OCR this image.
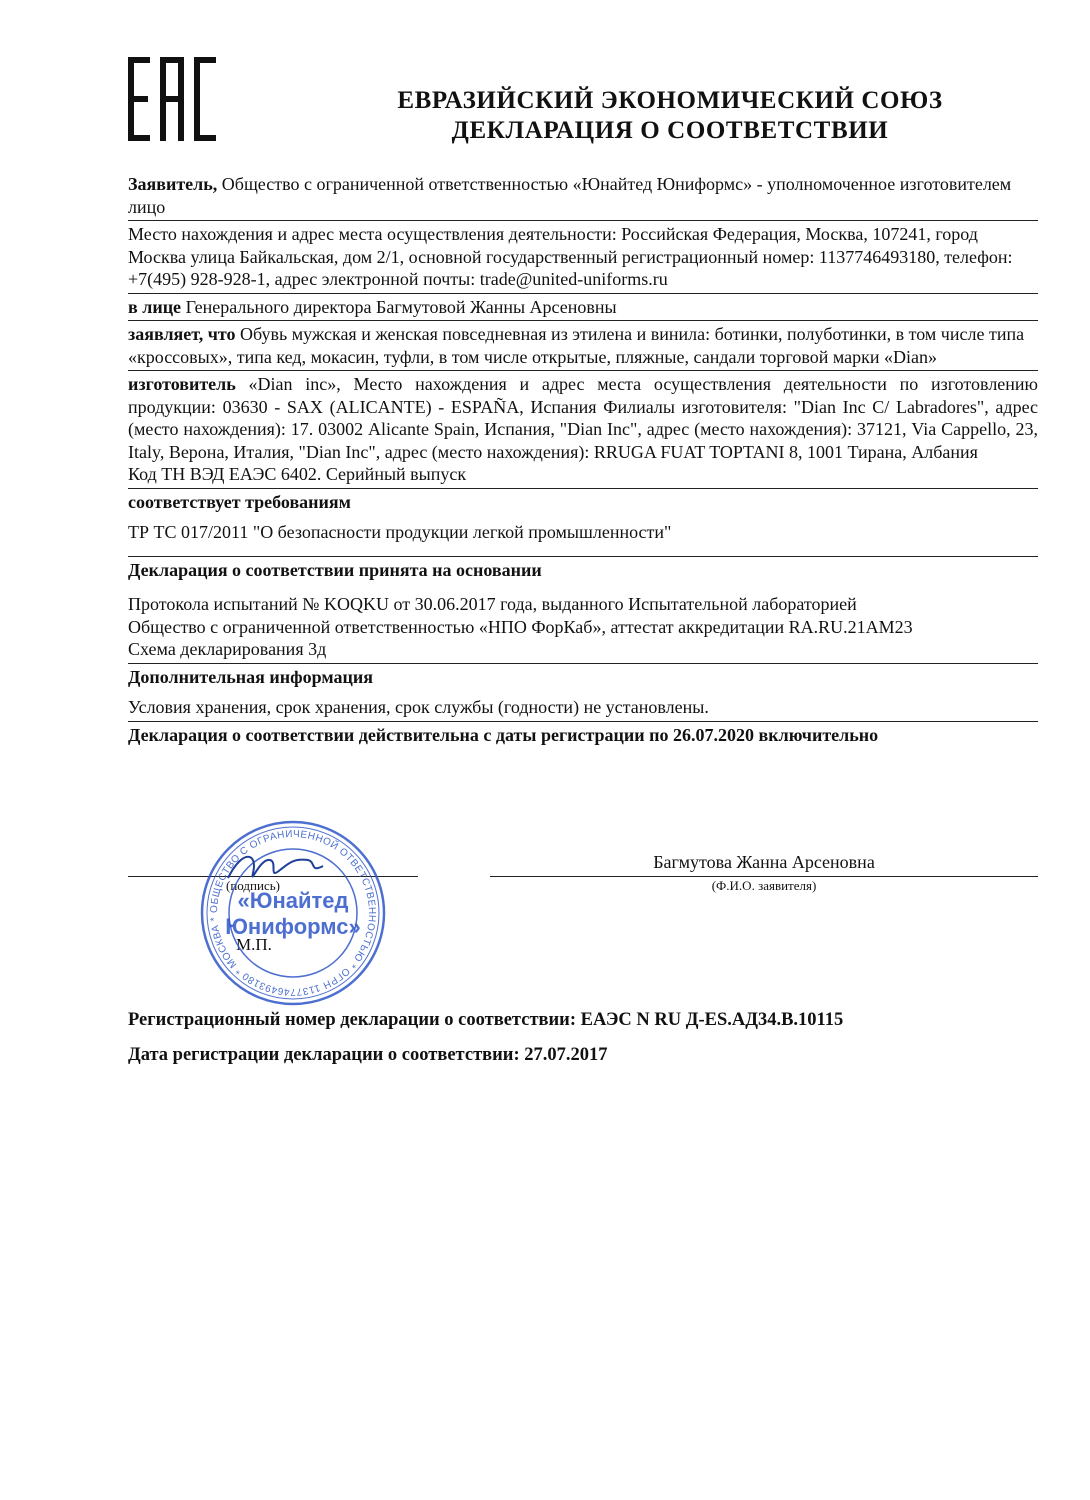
ЕВРАЗИЙСКИЙ ЭКОНОМИЧЕСКИЙ СОЮЗ

ДЕКЛАРАЦИЯ О СООТВЕТСТВИИ

Заявитель, Общество с ограниченной ответственностью «Юнайтед Юниформс» - уполномоченное изготовителем лицо
Место нахождения и адрес места осуществления деятельности: Российская Федерация, Москва, 107241, город Москва улица Байкальская, дом 2/1, основной государственный регистрационный номер: 1137746493180, телефон: +7(495) 928-928-1, адрес электронной почты: trade@united-uniforms.ru
в лице Генерального директора Багмутовой Жанны Арсеновны
заявляет, что Обувь мужская и женская повседневная из этилена и винила: ботинки, полуботинки, в том числе типа «кроссовых», типа кед, мокасин, туфли, в том числе открытые, пляжные, сандали торговой марки «Dian»
изготовитель «Dian inc», Место нахождения и адрес места осуществления деятельности по изготовлению продукции: 03630 - SAX (ALICANTE) - ESPAÑA, Испания Филиалы изготовителя: "Dian Inc C/ Labradores", адрес (место нахождения): 17. 03002 Alicante Spain, Испания, "Dian Inc", адрес (место нахождения): 37121, Via Cappello, 23, Italy, Верона, Италия, "Dian Inc", адрес (место нахождения): RRUGA FUAT TOPTANI 8, 1001 Тирана, Албания
Код ТН ВЭД ЕАЭС 6402. Серийный выпуск
соответствует требованиям
ТР ТС 017/2011 "О безопасности продукции легкой промышленности"
Декларация о соответствии принята на основании
Протокола испытаний № KOQKU от 30.06.2017 года, выданного Испытательной лабораторией
Общество с ограниченной ответственностью «НПО ФорКаб», аттестат аккредитации RA.RU.21AM23
Схема декларирования 3д
Дополнительная информация
Условия хранения, срок хранения, срок службы (годности) не установлены.
Декларация о соответствии действительна с даты регистрации по 26.07.2020 включительно
Багмутова Жанна Арсеновна
(подпись)	(Ф.И.О. заявителя)
М.П.
ОБЩЕСТВО С ОГРАНИЧЕННОЙ ОТВЕТСТВЕННОСТЬЮ * ОГРН 1137746493180 * МОСКВА *
«Юнайтед
Юниформс»
Регистрационный номер декларации о соответствии: ЕАЭС N RU Д-ES.АД34.В.10115
Дата регистрации декларации о соответствии: 27.07.2017
